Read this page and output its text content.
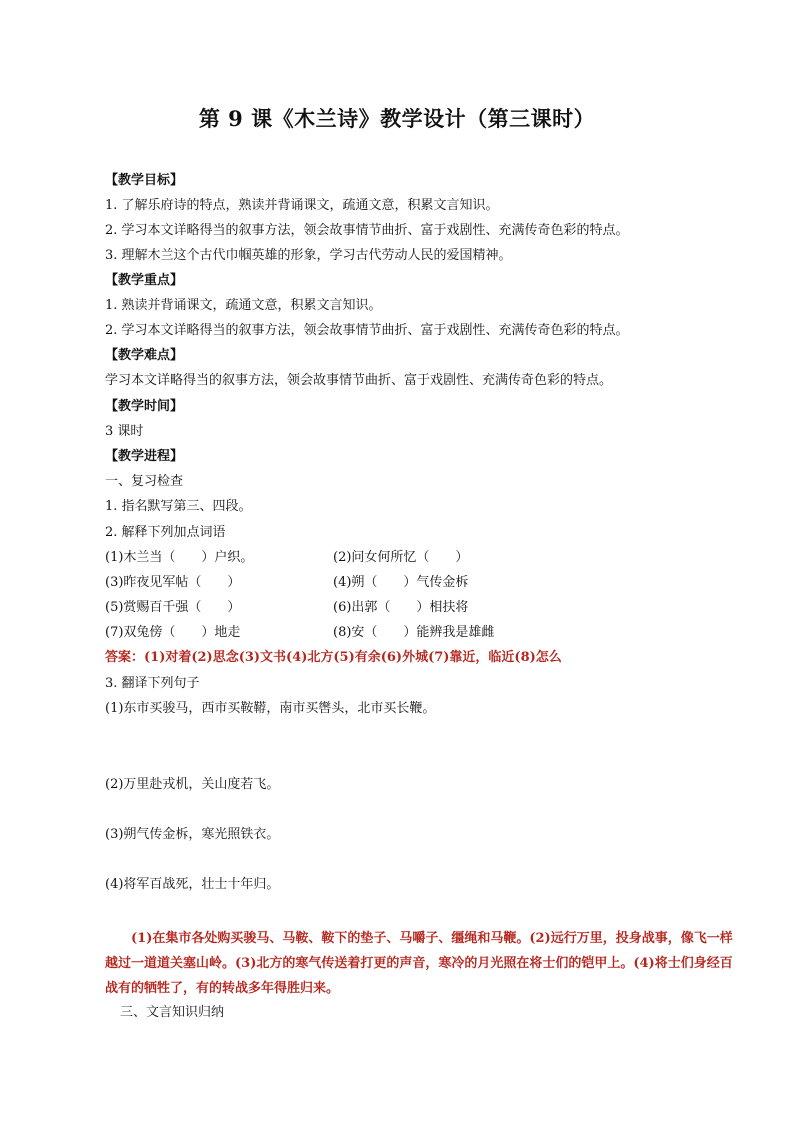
第 9 课《木兰诗》教学设计（第三课时）
【教学目标】
1. 了解乐府诗的特点，熟读并背诵课文，疏通文意，积累文言知识。
2. 学习本文详略得当的叙事方法，领会故事情节曲折、富于戏剧性、充满传奇色彩的特点。
3. 理解木兰这个古代巾帼英雄的形象，学习古代劳动人民的爱国精神。
【教学重点】
1. 熟读并背诵课文，疏通文意，积累文言知识。
2. 学习本文详略得当的叙事方法，领会故事情节曲折、富于戏剧性、充满传奇色彩的特点。
【教学难点】
学习本文详略得当的叙事方法，领会故事情节曲折、富于戏剧性、充满传奇色彩的特点。
【教学时间】
3 课时
【教学进程】
一、复习检查
1. 指名默写第三、四段。
2. 解释下列加点词语
(1)木兰当（　　）户织。	(2)问女何所忆（　　）
(3)昨夜见军帖（　　）	(4)朔（　　）气传金柝
(5)赏赐百千强（　　）	(6)出郭（　　）相扶将
(7)双兔傍（　　）地走	(8)安（　　）能辨我是雄雌
答案：(1)对着(2)思念(3)文书(4)北方(5)有余(6)外城(7)靠近，临近(8)怎么
3. 翻译下列句子
(1)东市买骏马，西市买鞍鞯，南市买辔头，北市买长鞭。
(2)万里赴戎机，关山度若飞。
(3)朔气传金柝，寒光照铁衣。
(4)将军百战死，壮士十年归。
(1)在集市各处购买骏马、马鞍、鞍下的垫子、马嚼子、缰绳和马鞭。(2)远行万里，投身战事，像飞一样越过一道道关塞山岭。(3)北方的寒气传送着打更的声音，寒冷的月光照在将士们的铠甲上。(4)将士们身经百战有的牺牲了，有的转战多年得胜归来。
三、文言知识归纳
